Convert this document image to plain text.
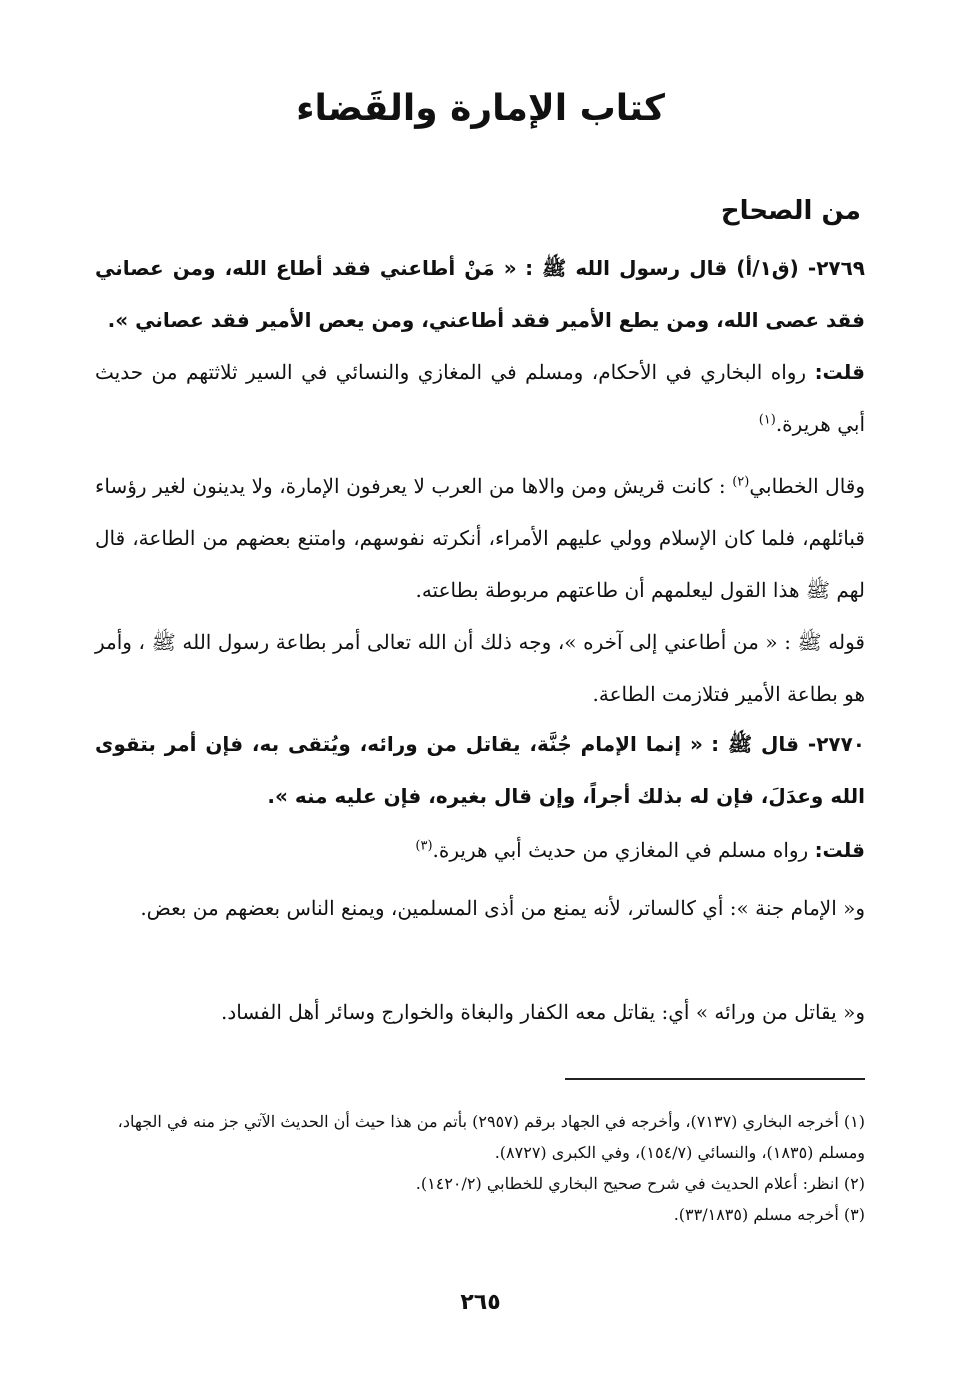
كتاب الإمارة والقَضاء
من الصحاح

٢٧٦٩- (ق١/أ) قال رسول الله ﷺ : « مَنْ أطاعني فقد أطاع الله، ومن عصاني فقد عصى الله، ومن يطع الأمير فقد أطاعني، ومن يعص الأمير فقد عصاني ».

قلت: رواه البخاري في الأحكام، ومسلم في المغازي والنسائي في السير ثلاثتهم من حديث أبي هريرة.$^{(١)}$

وقال الخطابي$^{(٢)}$ : كانت قريش ومن والاها من العرب لا يعرفون الإمارة، ولا يدينون لغير رؤساء قبائلهم، فلما كان الإسلام وولي عليهم الأمراء، أنكرته نفوسهم، وامتنع بعضهم من الطاعة، قال لهم ﷺ هذا القول ليعلمهم أن طاعتهم مربوطة بطاعته.

قوله ﷺ : « من أطاعني إلى آخره »، وجه ذلك أن الله تعالى أمر بطاعة رسول الله ﷺ ، وأمر هو بطاعة الأمير فتلازمت الطاعة.

٢٧٧٠- قال ﷺ : « إنما الإمام جُنَّة، يقاتل من ورائه، ويُتقى به، فإن أمر بتقوى الله وعدَلَ، فإن له بذلك أجراً، وإن قال بغيره، فإن عليه منه ».

قلت: رواه مسلم في المغازي من حديث أبي هريرة.$^{(٣)}$

و« الإمام جنة »: أي كالساتر، لأنه يمنع من أذى المسلمين، ويمنع الناس بعضهم من بعض.

و« يقاتل من ورائه » أي: يقاتل معه الكفار والبغاة والخوارج وسائر أهل الفساد.

(١) أخرجه البخاري (٧١٣٧)، وأخرجه في الجهاد برقم (٢٩٥٧) بأتم من هذا حيث أن الحديث الآتي جز منه في الجهاد، ومسلم (١٨٣٥)، والنسائي (١٥٤/٧)، وفي الكبرى (٨٧٢٧).
(٢) انظر: أعلام الحديث في شرح صحيح البخاري للخطابي (١٤٢٠/٢).
(٣) أخرجه مسلم (٣٣/١٨٣٥).
٢٦٥
